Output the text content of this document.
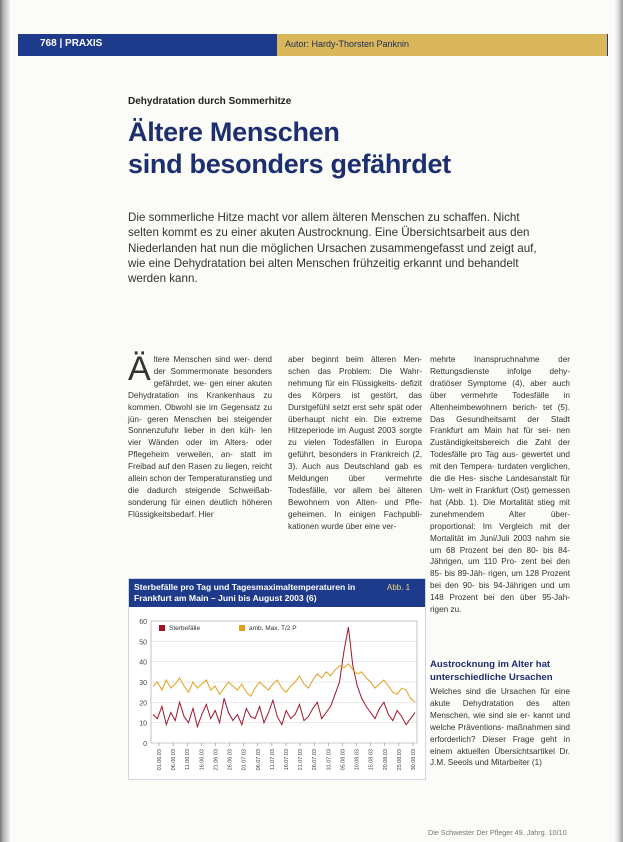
768 | PRAXIS	Autor: Hardy-Thorsten Panknin
Dehydratation durch Sommerhitze
Ältere Menschen
sind besonders gefährdet
Die sommerliche Hitze macht vor allem älteren Menschen zu schaffen. Nicht selten kommt es zu einer akuten Austrocknung. Eine Übersichtsarbeit aus den Niederlanden hat nun die möglichen Ursachen zusammengefasst und zeigt auf, wie eine Dehydratation bei alten Menschen frühzeitig erkannt und behandelt werden kann.
Ältere Menschen sind wer- dend der Sommermonate besonders gefährdet, we- gen einer akuten Dehydratation ins Krankenhaus zu kommen. Obwohl sie im Gegensatz zu jün- geren Menschen bei steigender Sonnenzufuhr lieber in den küh- len vier Wänden oder im Alters- oder Pflegeheim verweilen, an- statt im Freibad auf den Rasen zu liegen, reicht allein schon der Temperaturanstieg und die dadurch steigende Schweißab- sonderung für einen deutlich höheren Flüssigkeitsbedarf. Hier
aber beginnt beim älteren Men- schen das Problem: Die Wahr- nehmung für ein Flüssigkeits- defizit des Körpers ist gestört, das Durstgefühl setzt erst sehr spät oder überhaupt nicht ein. Die extreme Hitzeperiode im August 2003 sorgte zu vielen Todesfällen in Europa geführt, besonders in Frankreich (2, 3). Auch aus Deutschland gab es Meldungen über vermehrte Todesfälle, vor allem bei älteren Bewohnern von Alten- und Pfle- geheimen. In einigen Fachpubli- kationen wurde über eine ver-
mehrte Inanspruchnahme der Rettungsdienste infolge dehy- dratiöser Symptome (4), aber auch über vermehrte Todesfälle in Altenheimbewohnern berich- tet (5). Das Gesundheitsamt der Stadt Frankfurt am Main hat für sei- nen Zuständigkeitsbereich die Zahl der Todesfälle pro Tag aus- gewertet und mit den Tempera- turdaten verglichen, die die Hes- sische Landesanstalt für Um- welt in Frankfurt (Ost) gemessen hat (Abb. 1). Die Mortalität stieg mit zunehmendem Alter über- proportional: Im Vergleich mit der Mortalität im Juni/Juli 2003 nahm sie um 68 Prozent bei den 80- bis 84-Jährigen, um 110 Pro- zent bei den 85- bis 89-Jäh- rigen, um 128 Prozent bei den 90- bis 94-Jährigen und um 148 Prozent bei den über 95-Jah- rigen zu.
Austrocknung im Alter hat unterschiedliche Ursachen
Welches sind die Ursachen für eine akute Dehydratation des alten Menschen, wie sind sie er- kannt und welche Präventions- maßnahmen sind erforderlich? Dieser Frage geht in einem aktuellen Übersichtsartikel Dr. J.M. Seeols und Mitarbeiter (1)
Sterbefälle pro Tag und Tagesmaximaltemperaturen in Frankfurt am Main – Juni bis August 2003 (6)
Abb. 1
0
10
20
30
40
50
60
01.06.03 06.06.03 11.06.03 16.06.03 21.06.03 26.06.03 01.07.03 06.07.03 11.07.03 16.07.03 21.07.03 26.07.03 31.07.03 05.08.03 10.08.03 15.08.03 20.08.03 25.08.03 30.08.03
Sterbefälle	amb. Max. T/2 P
Die Schwester Der Pfleger 49. Jahrg. 10/10
